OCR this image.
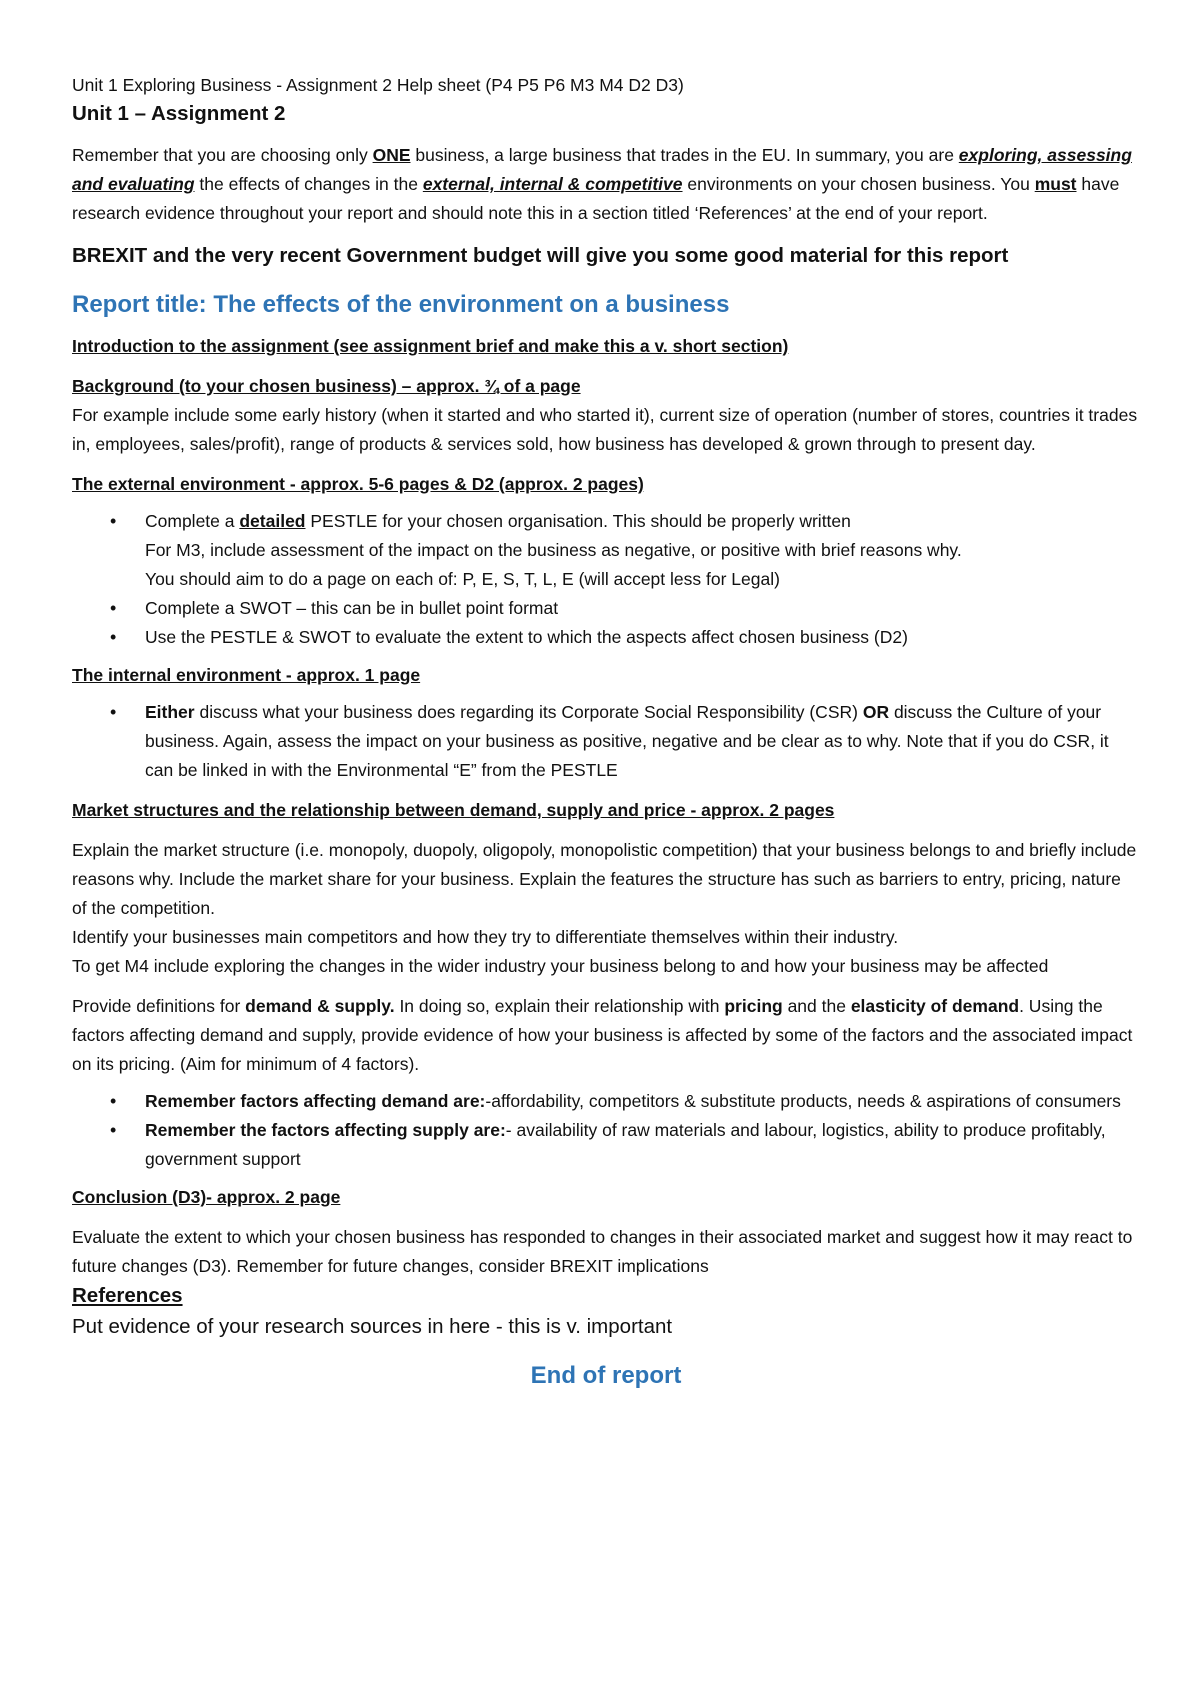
Unit 1 Exploring Business - Assignment 2 Help sheet (P4 P5 P6 M3 M4 D2 D3)

Unit 1 – Assignment 2

Remember that you are choosing only ONE business, a large business that trades in the EU. In summary, you are exploring, assessing and evaluating the effects of changes in the external, internal & competitive environments on your chosen business. You must have research evidence throughout your report and should note this in a section titled ‘References’ at the end of your report.

BREXIT and the very recent Government budget will give you some good material for this report

Report title: The effects of the environment on a business

Introduction to the assignment (see assignment brief and make this a v. short section)

Background (to your chosen business) – approx. ¾ of a page

For example include some early history (when it started and who started it), current size of operation (number of stores, countries it trades in, employees, sales/profit), range of products & services sold, how business has developed & grown through to present day.

The external environment - approx. 5-6 pages & D2 (approx. 2 pages)

• Complete a detailed PESTLE for your chosen organisation. This should be properly written
For M3, include assessment of the impact on the business as negative, or positive with brief reasons why.
You should aim to do a page on each of: P, E, S, T, L, E (will accept less for Legal)
• Complete a SWOT – this can be in bullet point format
• Use the PESTLE & SWOT to evaluate the extent to which the aspects affect chosen business (D2)

The internal environment - approx. 1 page

• Either discuss what your business does regarding its Corporate Social Responsibility (CSR) OR discuss the Culture of your business. Again, assess the impact on your business as positive, negative and be clear as to why. Note that if you do CSR, it can be linked in with the Environmental “E” from the PESTLE

Market structures and the relationship between demand, supply and price - approx. 2 pages

Explain the market structure (i.e. monopoly, duopoly, oligopoly, monopolistic competition) that your business belongs to and briefly include reasons why. Include the market share for your business. Explain the features the structure has such as barriers to entry, pricing, nature of the competition.

Identify your businesses main competitors and how they try to differentiate themselves within their industry.

To get M4 include exploring the changes in the wider industry your business belong to and how your business may be affected

Provide definitions for demand & supply. In doing so, explain their relationship with pricing and the elasticity of demand. Using the factors affecting demand and supply, provide evidence of how your business is affected by some of the factors and the associated impact on its pricing. (Aim for minimum of 4 factors).

• Remember factors affecting demand are:-affordability, competitors & substitute products, needs & aspirations of consumers
• Remember the factors affecting supply are:- availability of raw materials and labour, logistics, ability to produce profitably, government support

Conclusion (D3)- approx. 2 page

Evaluate the extent to which your chosen business has responded to changes in their associated market and suggest how it may react to future changes (D3). Remember for future changes, consider BREXIT implications

References

Put evidence of your research sources in here - this is v. important

End of report
